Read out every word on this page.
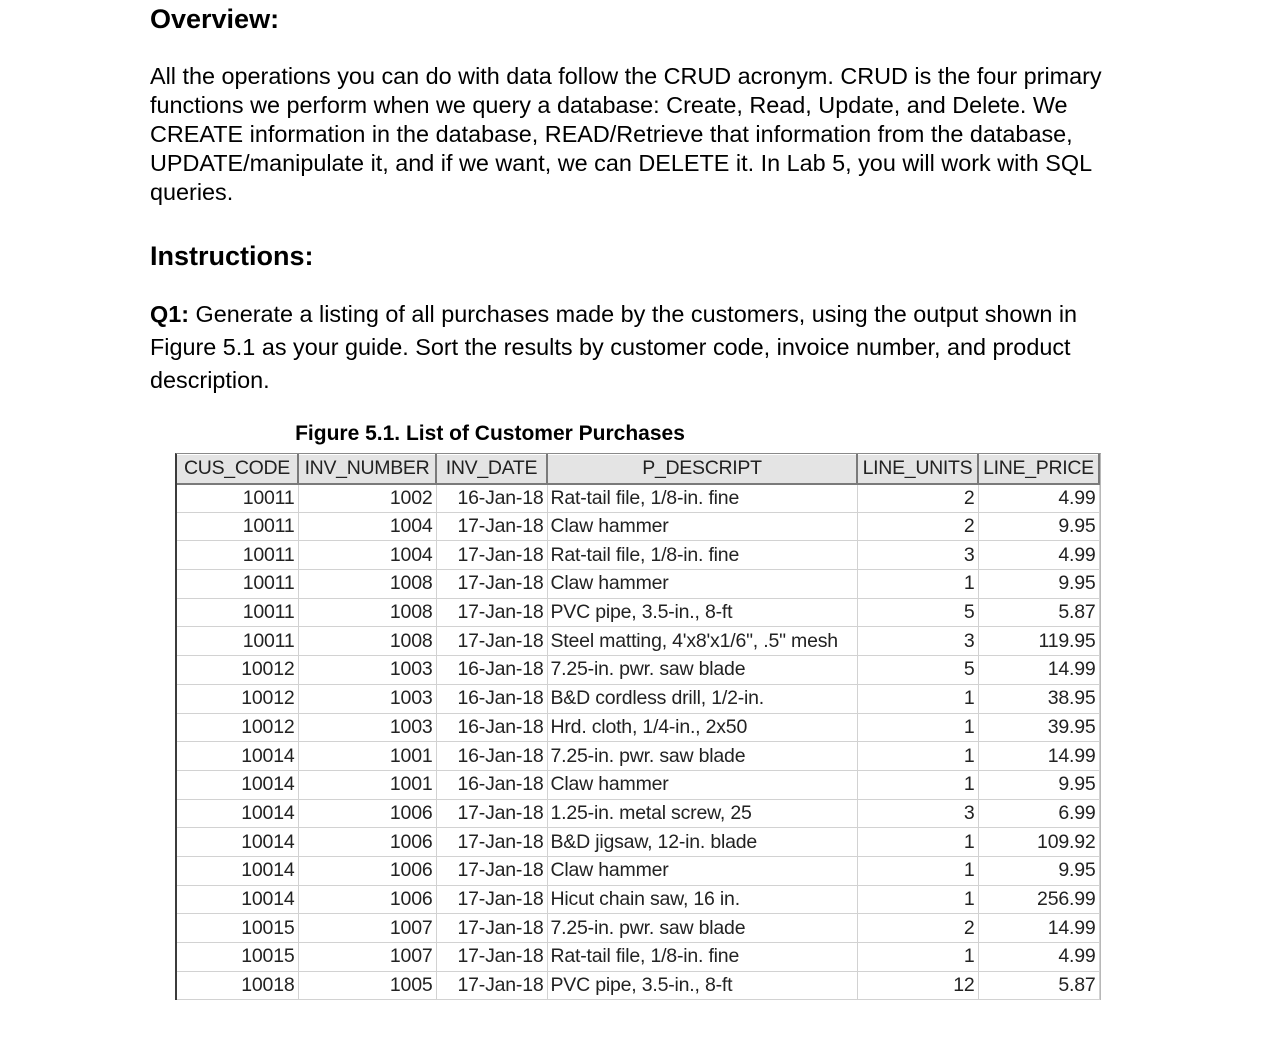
Overview:

All the operations you can do with data follow the CRUD acronym. CRUD is the four primary functions we perform when we query a database: Create, Read, Update, and Delete. We CREATE information in the database, READ/Retrieve that information from the database, UPDATE/manipulate it, and if we want, we can DELETE it. In Lab 5, you will work with SQL queries.

Instructions:

Q1: Generate a listing of all purchases made by the customers, using the output shown in Figure 5.1 as your guide. Sort the results by customer code, invoice number, and product description.

Figure 5.1. List of Customer Purchases
CUS_CODE	INV_NUMBER	INV_DATE	P_DESCRIPT	LINE_UNITS	LINE_PRICE
10011	1002	16-Jan-18	Rat-tail file, 1/8-in. fine	2	4.99
10011	1004	17-Jan-18	Claw hammer	2	9.95
10011	1004	17-Jan-18	Rat-tail file, 1/8-in. fine	3	4.99
10011	1008	17-Jan-18	Claw hammer	1	9.95
10011	1008	17-Jan-18	PVC pipe, 3.5-in., 8-ft	5	5.87
10011	1008	17-Jan-18	Steel matting, 4'x8'x1/6", .5" mesh	3	119.95
10012	1003	16-Jan-18	7.25-in. pwr. saw blade	5	14.99
10012	1003	16-Jan-18	B&D cordless drill, 1/2-in.	1	38.95
10012	1003	16-Jan-18	Hrd. cloth, 1/4-in., 2x50	1	39.95
10014	1001	16-Jan-18	7.25-in. pwr. saw blade	1	14.99
10014	1001	16-Jan-18	Claw hammer	1	9.95
10014	1006	17-Jan-18	1.25-in. metal screw, 25	3	6.99
10014	1006	17-Jan-18	B&D jigsaw, 12-in. blade	1	109.92
10014	1006	17-Jan-18	Claw hammer	1	9.95
10014	1006	17-Jan-18	Hicut chain saw, 16 in.	1	256.99
10015	1007	17-Jan-18	7.25-in. pwr. saw blade	2	14.99
10015	1007	17-Jan-18	Rat-tail file, 1/8-in. fine	1	4.99
10018	1005	17-Jan-18	PVC pipe, 3.5-in., 8-ft	12	5.87
